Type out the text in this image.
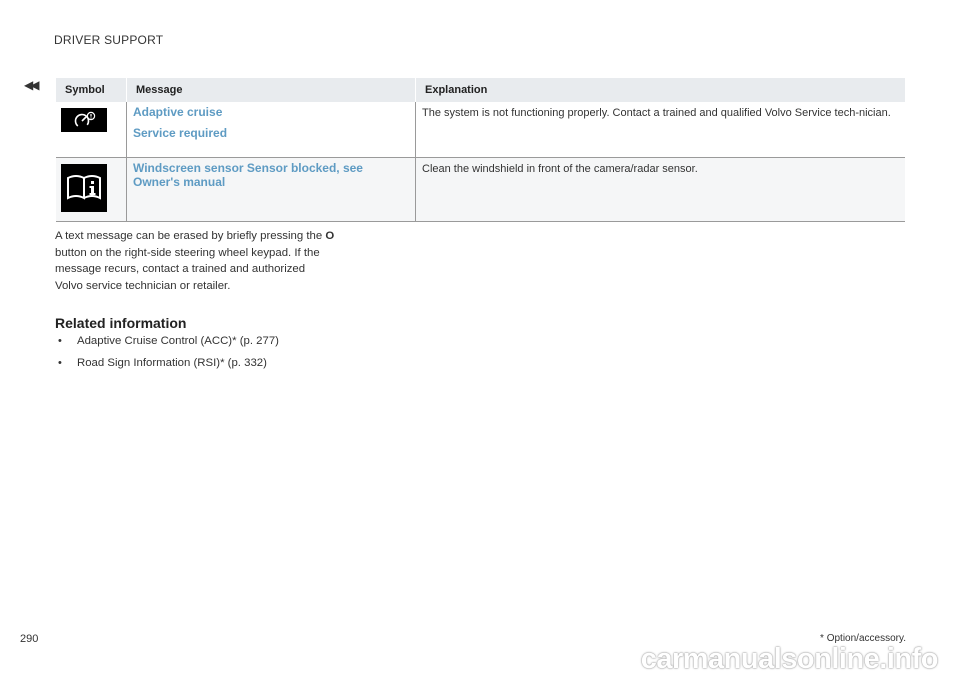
DRIVER SUPPORT
◀◀	Symbol	Message	Explanation

Adaptive cruise
Service required	The system is not functioning properly. Contact a trained and qualified Volvo Service tech-nician.

Windscreen sensor Sensor blocked, see
Owner's manual	Clean the windshield in front of the camera/radar sensor.
A text message can be erased by briefly pressing the O button on the right-side steering wheel keypad. If the message recurs, contact a trained and authorized Volvo service technician or retailer.
Related information
• Adaptive Cruise Control (ACC)* (p. 277)
• Road Sign Information (RSI)* (p. 332)
290	* Option/accessory.
carmanualsonline.info
